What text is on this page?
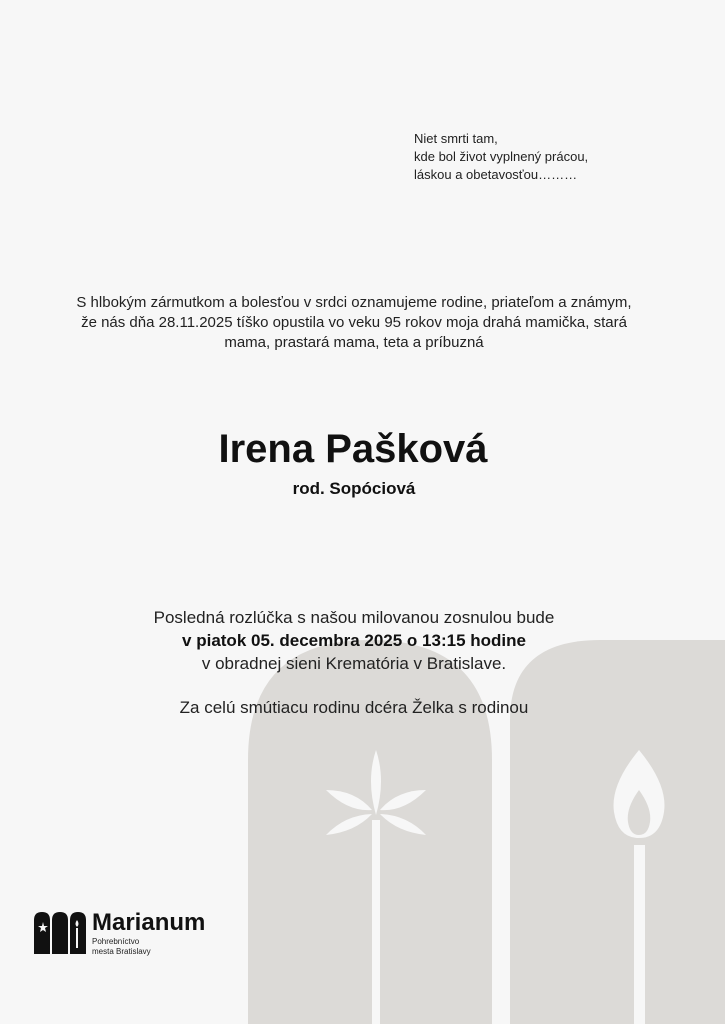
Niet smrti tam,
kde bol život vyplnený prácou,
láskou a obetavosťou………
S hlbokým zármutkom a bolesťou v srdci oznamujeme rodine, priateľom a známym,
že nás dňa 28.11.2025 tíško opustila vo veku 95 rokov moja drahá mamička, stará
mama, prastará mama, teta a príbuzná
Irena Pašková
rod. Sopóciová
Posledná rozlúčka s našou milovanou zosnulou bude
v piatok 05. decembra 2025 o 13:15 hodine
v obradnej sieni Krematória v Bratislave.
Za celú smútiacu rodinu dcéra Želka s rodinou
Marianum
Pohrebníctvo
mesta Bratislavy
